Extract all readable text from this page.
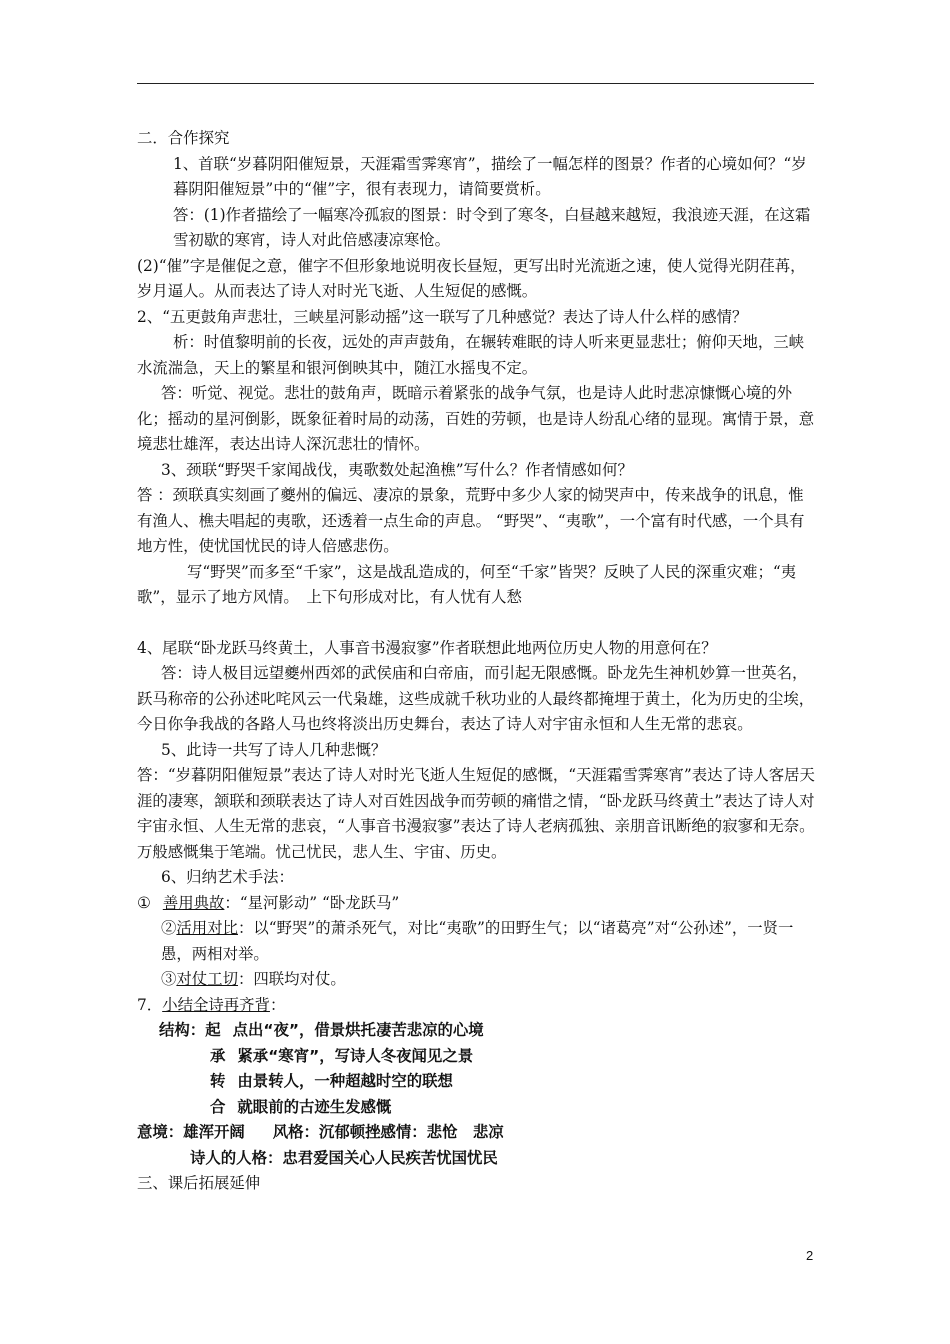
二．合作探究

1、首联“岁暮阴阳催短景，天涯霜雪霁寒宵”，描绘了一幅怎样的图景？作者的心境如何？“岁暮阴阳催短景”中的“催”字，很有表现力，请简要赏析。

答：(1)作者描绘了一幅寒冷孤寂的图景：时令到了寒冬，白昼越来越短，我浪迹天涯，在这霜雪初歇的寒宵，诗人对此倍感凄凉寒怆。

(2)“催”字是催促之意，催字不但形象地说明夜长昼短，更写出时光流逝之速，使人觉得光阴荏苒，岁月逼人。从而表达了诗人对时光飞逝、人生短促的感慨。

2、“五更鼓角声悲壮，三峡星河影动摇”这一联写了几种感觉？表达了诗人什么样的感情？

析：时值黎明前的长夜，远处的声声鼓角，在辗转难眠的诗人听来更显悲壮；俯仰天地，三峡水流湍急，天上的繁星和银河倒映其中，随江水摇曳不定。

答：听觉、视觉。悲壮的鼓角声，既暗示着紧张的战争气氛，也是诗人此时悲凉慷慨心境的外化；摇动的星河倒影，既象征着时局的动荡，百姓的劳顿，也是诗人纷乱心绪的显现。寓情于景，意境悲壮雄浑，表达出诗人深沉悲壮的情怀。

3、颈联“野哭千家闻战伐，夷歌数处起渔樵”写什么？作者情感如何？

答 ：颈联真实刻画了夔州的偏远、凄凉的景象，荒野中多少人家的恸哭声中，传来战争的讯息，惟有渔人、樵夫唱起的夷歌，还透着一点生命的声息。 “野哭”、“夷歌”，一个富有时代感，一个具有地方性，使忧国忧民的诗人倍感悲伤。

写“野哭”而多至“千家”，这是战乱造成的，何至“千家”皆哭？反映了人民的深重灾难；“夷歌”，显示了地方风情。　上下句形成对比，有人忧有人愁

4、尾联“卧龙跃马终黄土，人事音书漫寂寥”作者联想此地两位历史人物的用意何在？

答：诗人极目远望夔州西郊的武侯庙和白帝庙，而引起无限感慨。卧龙先生神机妙算一世英名，跃马称帝的公孙述叱咤风云一代枭雄，这些成就千秋功业的人最终都掩埋于黄土，化为历史的尘埃，今日你争我战的各路人马也终将淡出历史舞台，表达了诗人对宇宙永恒和人生无常的悲哀。

5、此诗一共写了诗人几种悲慨？

答：“岁暮阴阳催短景”表达了诗人对时光飞逝人生短促的感慨，“天涯霜雪霁寒宵”表达了诗人客居天涯的凄寒，颔联和颈联表达了诗人对百姓因战争而劳顿的痛惜之情，“卧龙跃马终黄土”表达了诗人对宇宙永恒、人生无常的悲哀，“人事音书漫寂寥”表达了诗人老病孤独、亲朋音讯断绝的寂寥和无奈。万般感慨集于笔端。忧己忧民，悲人生、宇宙、历史。

6、归纳艺术手法：

① 善用典故：“星河影动” “卧龙跃马”

②活用对比：以“野哭”的萧杀死气，对比“夷歌”的田野生气；以“诸葛亮”对“公孙述”，一贤一愚，两相对举。

③对仗工切：四联均对仗。

7．小结全诗再齐背：

结构：起 点出“夜”，借景烘托凄苦悲凉的心境

承 紧承“寒宵”，写诗人冬夜闻见之景

转 由景转人，一种超越时空的联想

合 就眼前的古迹生发感慨

意境：雄浑开阔 风格：沉郁顿挫感情：悲怆　悲凉

诗人的人格：忠君爱国关心人民疾苦忧国忧民

三、课后拓展延伸

2
